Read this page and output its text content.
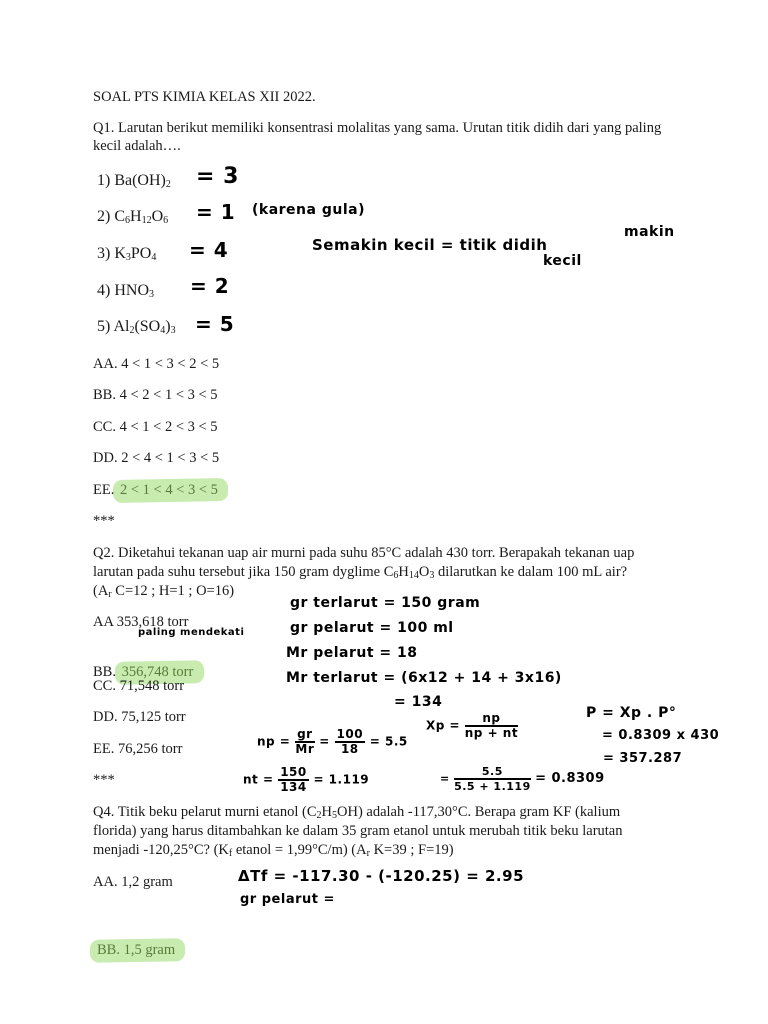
SOAL PTS KIMIA KELAS XII 2022.
Q1. Larutan berikut memiliki konsentrasi molalitas yang sama. Urutan titik didih dari yang paling kecil adalah….
1) $Ba(OH)_2$
2) $C_6H_{12}O_6$
3) $K_3PO_4$
4) $HNO_3$
5) $Al_2(SO_4)_3$
= 3
= 1 (karena gula)
= 4
= 2
= 5
Semakin kecil = titik didih
makin
kecil
AA. 4 < 1 < 3 < 2 < 5
BB. 4 < 2 < 1 < 3 < 5
CC. 4 < 1 < 2 < 3 < 5
DD. 2 < 4 < 1 < 3 < 5
EE. 2 < 1 < 4 < 3 < 5
***
Q2. Diketahui tekanan uap air murni pada suhu 85°C adalah 430 torr. Berapakah tekanan uap
larutan pada suhu tersebut jika 150 gram dyglime $C_6H_{14}O_3$ dilarutkan ke dalam 100 mL air?
($A_r$ C=12 ; H=1 ; O=16)
AA 353,618 torr
paling mendekati
BB. 356,748 torr
CC. 71,548 torr
DD. 75,125 torr
EE. 76,256 torr
***
gr terlarut = 150 gram
gr pelarut = 100 ml
Mr pelarut = 18
Mr terlarut = (6x12 + 14 + 3x16)
= 134
np = $\frac{gr}{Mr} = \frac{100}{18} = 5.5$
$Xp = \frac{np}{np + nt}$	P = Xp . P°
= 0.8309 x 430
= 357.287
nt = $\frac{150}{134} = 1.119$	= $\frac{5.5}{5.5 + 1.119} = 0.8309$
Q4. Titik beku pelarut murni etanol $(C_2H_5OH)$ adalah -117,30°C. Berapa gram KF (kalium
florida) yang harus ditambahkan ke dalam 35 gram etanol untuk merubah titik beku larutan
menjadi -120,25°C? ($K_f$ etanol = 1,99°C/m) ($A_r$ K=39 ; F=19)
AA. 1,2 gram
BB. 1,5 gram
ΔTf = -117.30 - (-120.25) = 2.95
gr pelarut =
